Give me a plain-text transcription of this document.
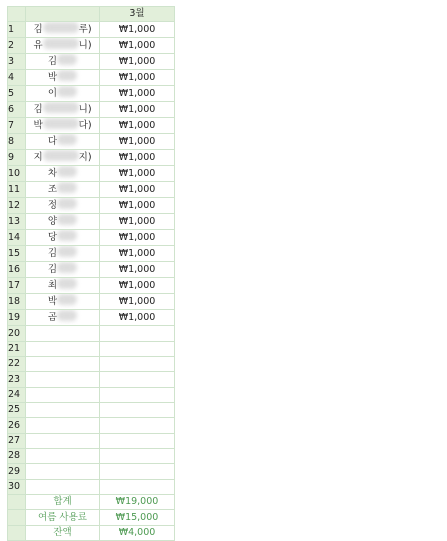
		3월
1	김 루)	₩1,000
2	유 니)	₩1,000
3	김	₩1,000
4	박	₩1,000
5	이	₩1,000
6	김 니)	₩1,000
7	박 다)	₩1,000
8	다	₩1,000
9	지 지)	₩1,000
10	차	₩1,000
11	조	₩1,000
12	정	₩1,000
13	양	₩1,000
14	당	₩1,000
15	김	₩1,000
16	김	₩1,000
17	최	₩1,000
18	박	₩1,000
19	곰	₩1,000
20		
21		
22		
23		
24		
25		
26		
27		
28		
29		
30		
	합계	₩19,000
	여름 사용료	₩15,000
	잔액	₩4,000
